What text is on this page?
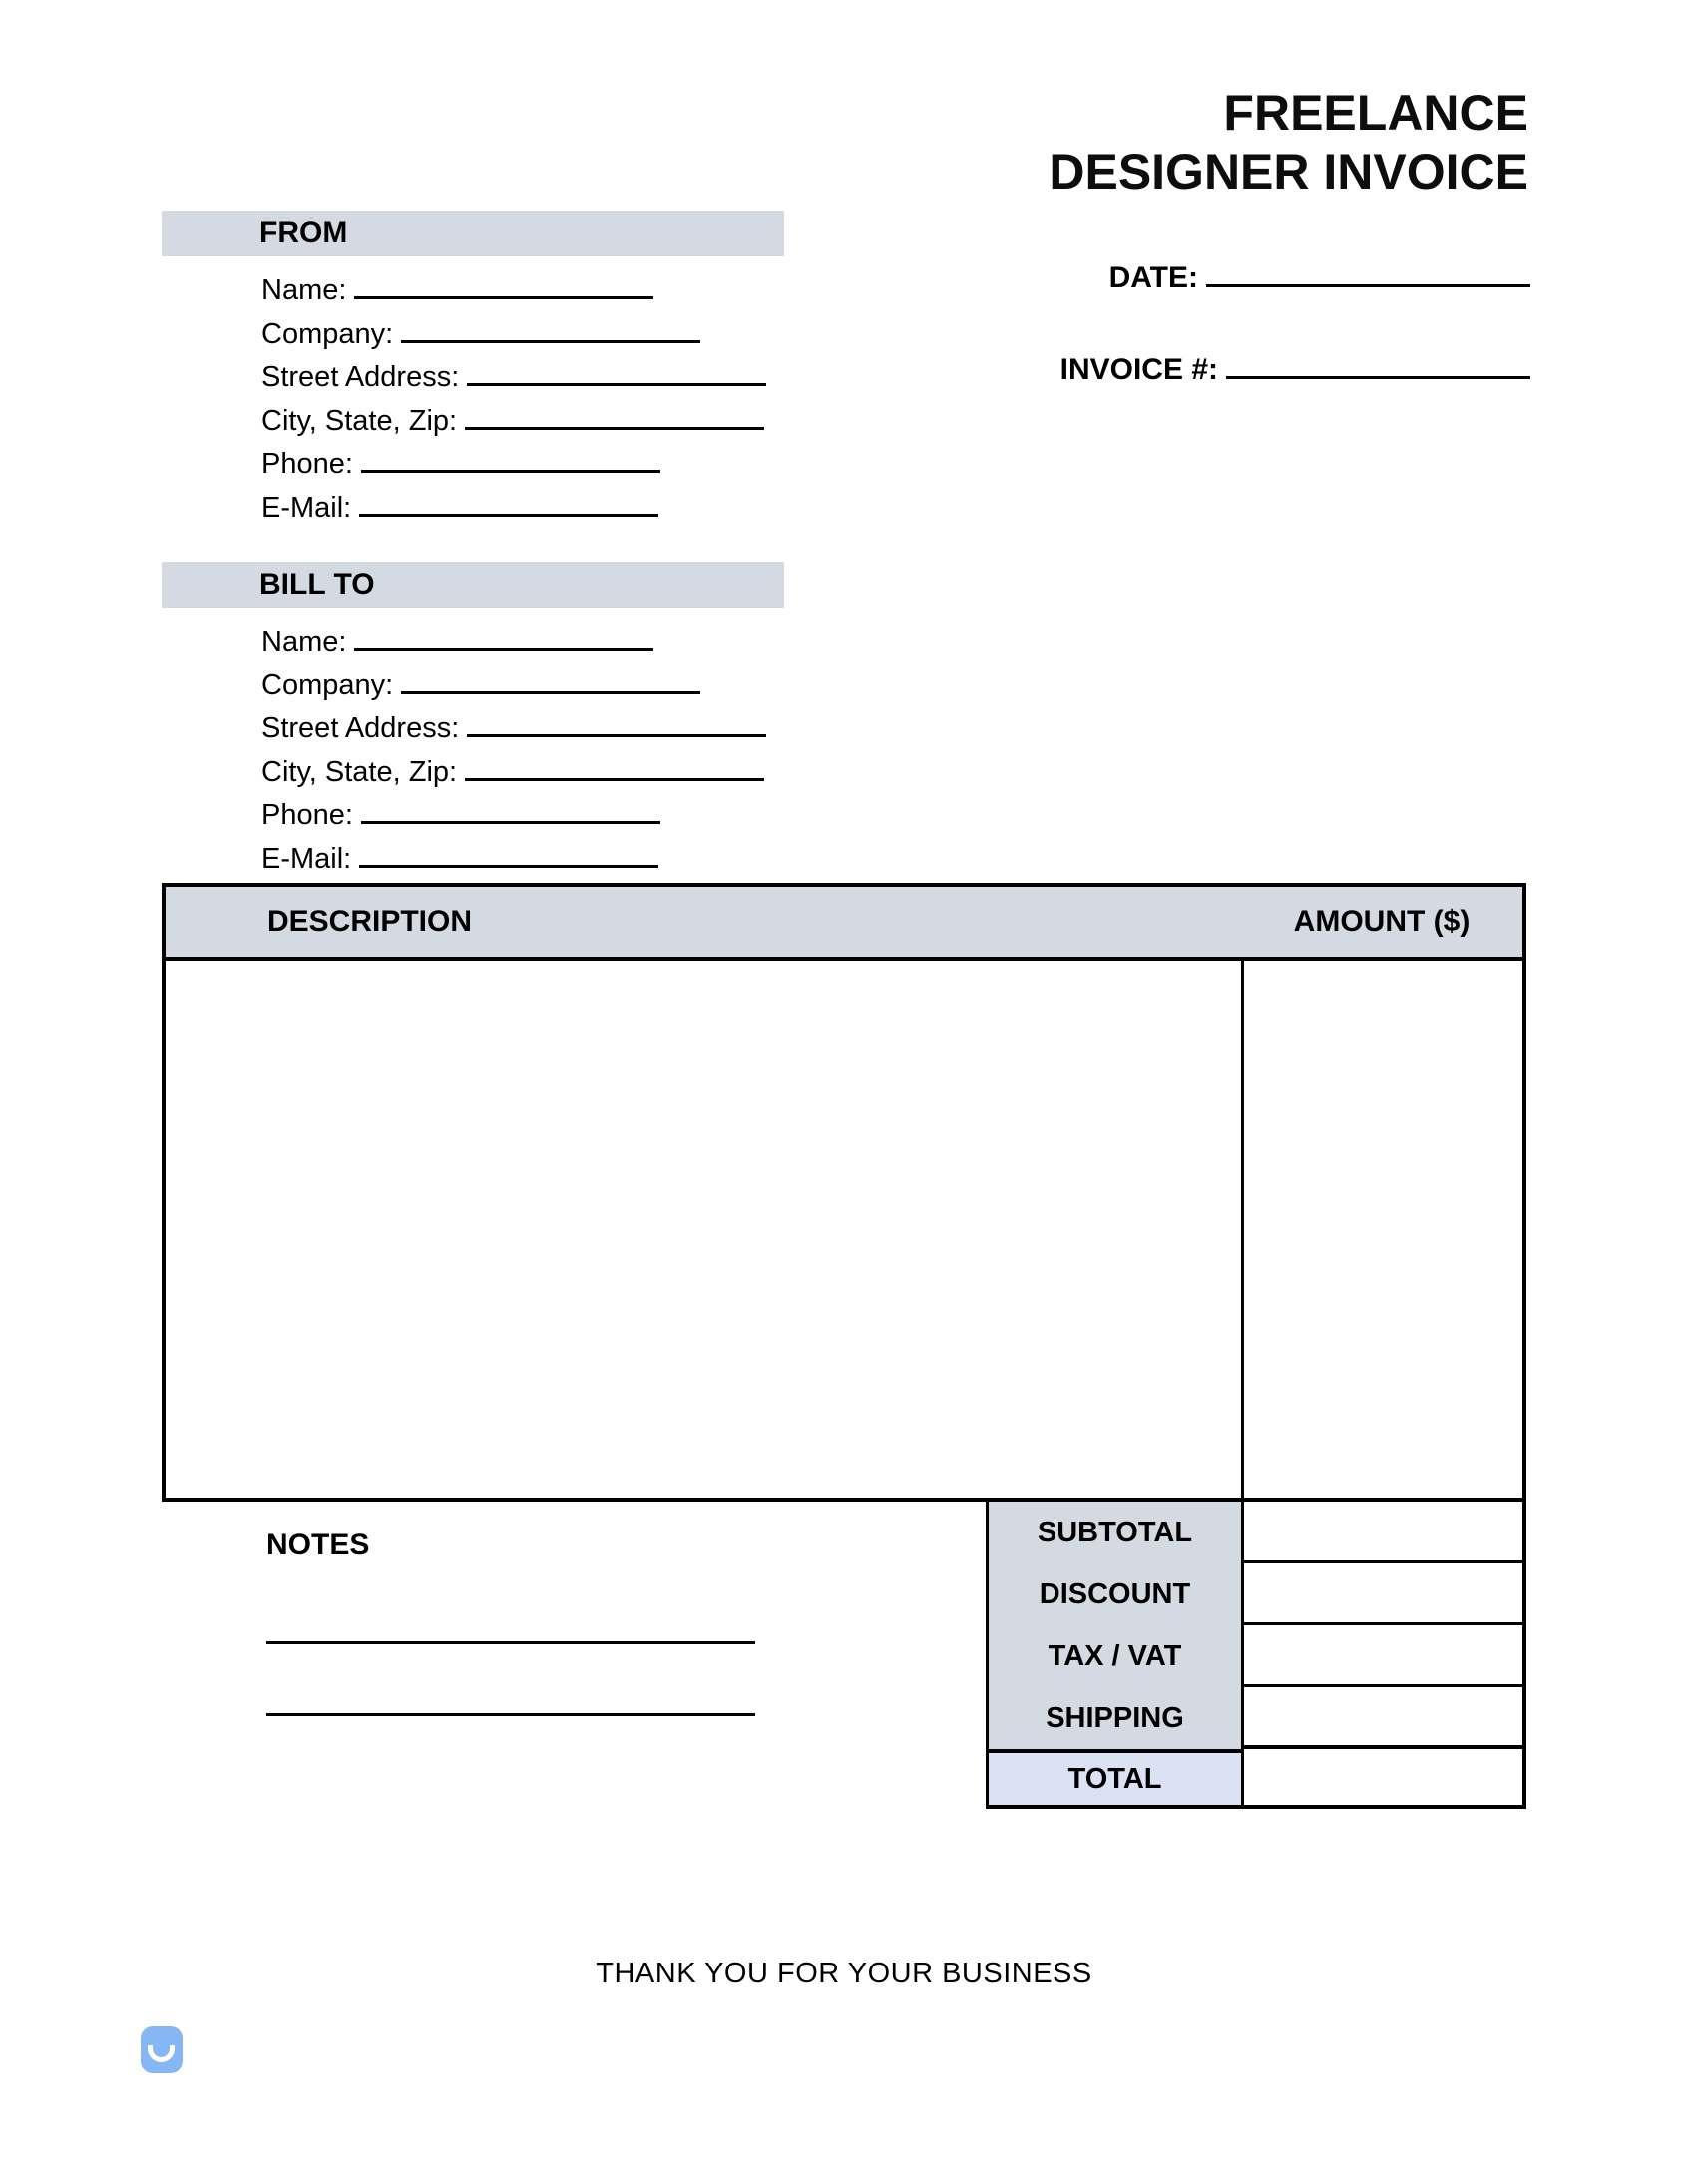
FREELANCE
DESIGNER INVOICE
FROM
Name:
Company:
Street Address:
City, State, Zip:
Phone:
E-Mail:
DATE:
INVOICE #:
BILL TO
Name:
Company:
Street Address:
City, State, Zip:
Phone:
E-Mail:
DESCRIPTION	AMOUNT ($)
SUBTOTAL
DISCOUNT
TAX / VAT
SHIPPING
TOTAL
NOTES
THANK YOU FOR YOUR BUSINESS
